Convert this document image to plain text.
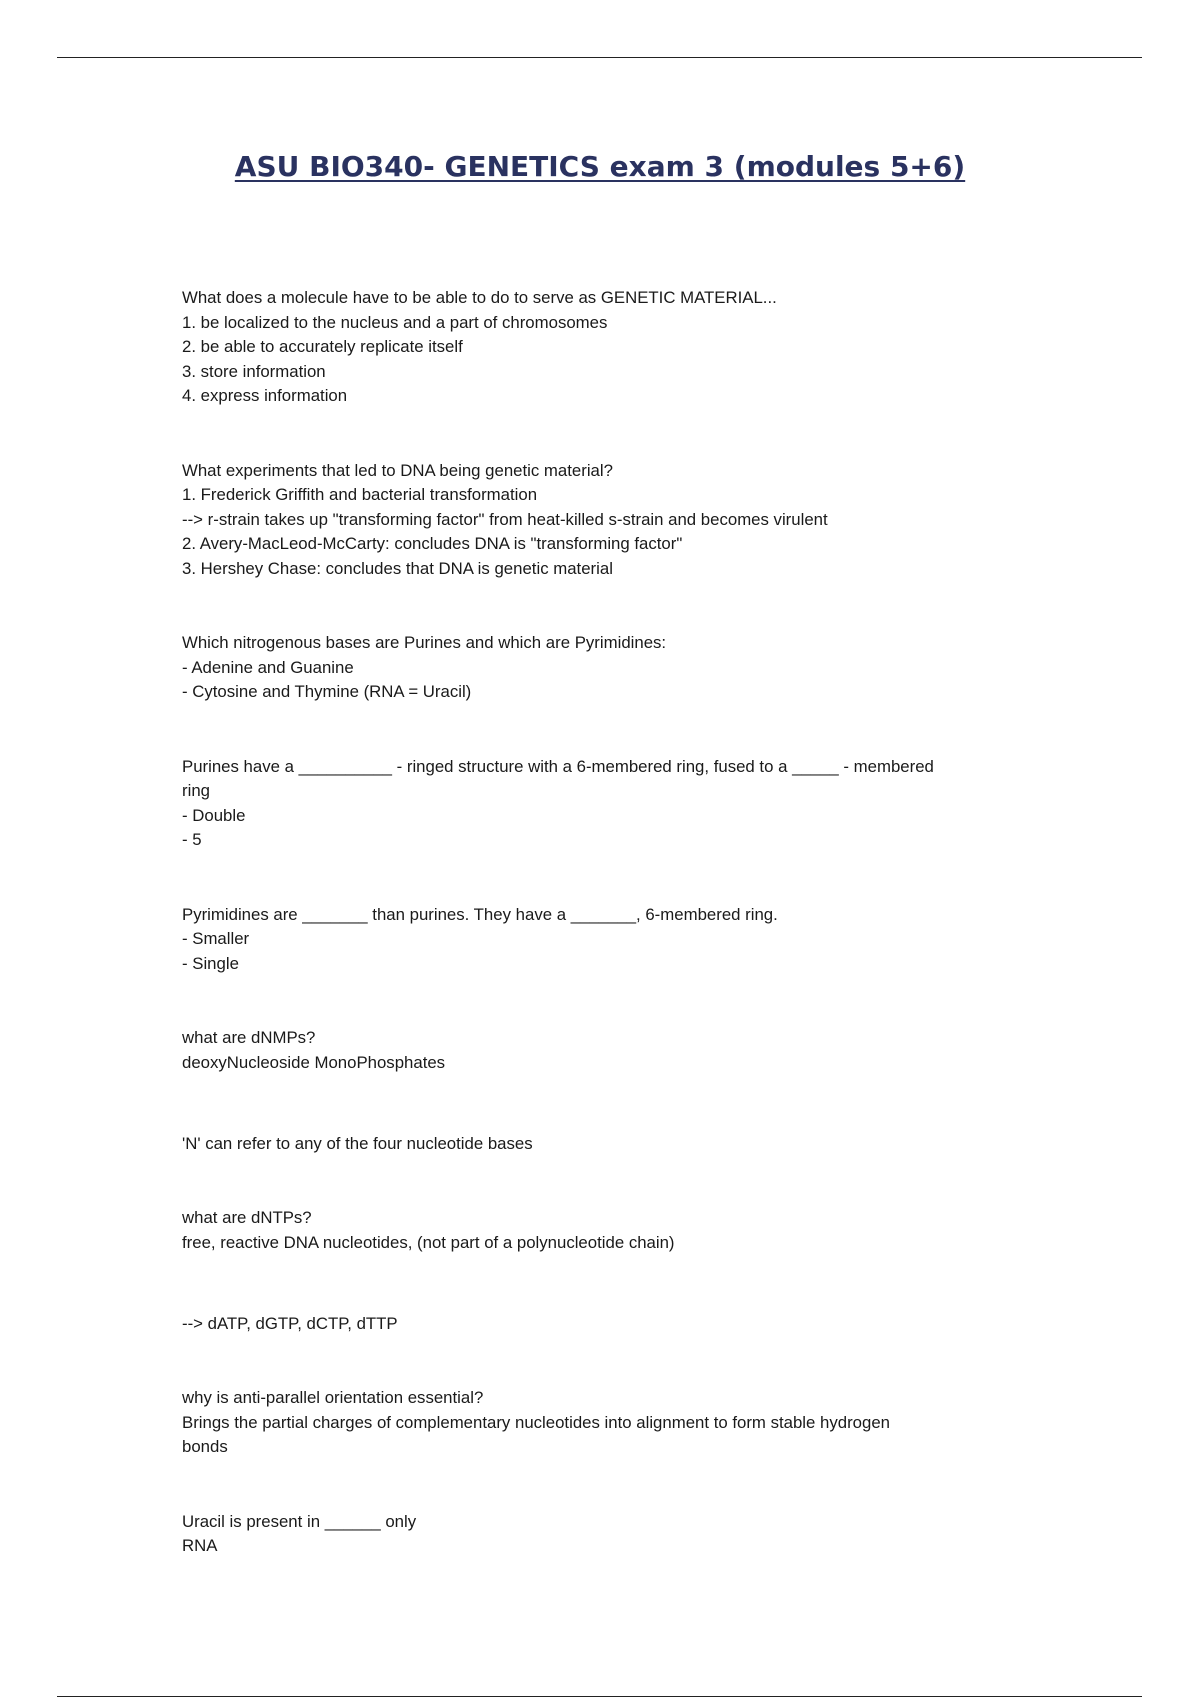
ASU BIO340- GENETICS exam 3 (modules 5+6)

What does a molecule have to be able to do to serve as GENETIC MATERIAL...

1. be localized to the nucleus and a part of chromosomes

2. be able to accurately replicate itself

3. store information

4. express information

What experiments that led to DNA being genetic material?

1. Frederick Griffith and bacterial transformation

--> r-strain takes up "transforming factor" from heat-killed s-strain and becomes virulent

2. Avery-MacLeod-McCarty: concludes DNA is "transforming factor"

3. Hershey Chase: concludes that DNA is genetic material

Which nitrogenous bases are Purines and which are Pyrimidines:

- Adenine and Guanine

- Cytosine and Thymine (RNA = Uracil)

Purines have a __________ - ringed structure with a 6-membered ring, fused to a _____ - membered

ring

- Double

- 5

Pyrimidines are _______ than purines. They have a _______, 6-membered ring.

- Smaller

- Single

what are dNMPs?

deoxyNucleoside MonoPhosphates

'N' can refer to any of the four nucleotide bases

what are dNTPs?

free, reactive DNA nucleotides, (not part of a polynucleotide chain)

--> dATP, dGTP, dCTP, dTTP

why is anti-parallel orientation essential?

Brings the partial charges of complementary nucleotides into alignment to form stable hydrogen

bonds

Uracil is present in ______ only

RNA
